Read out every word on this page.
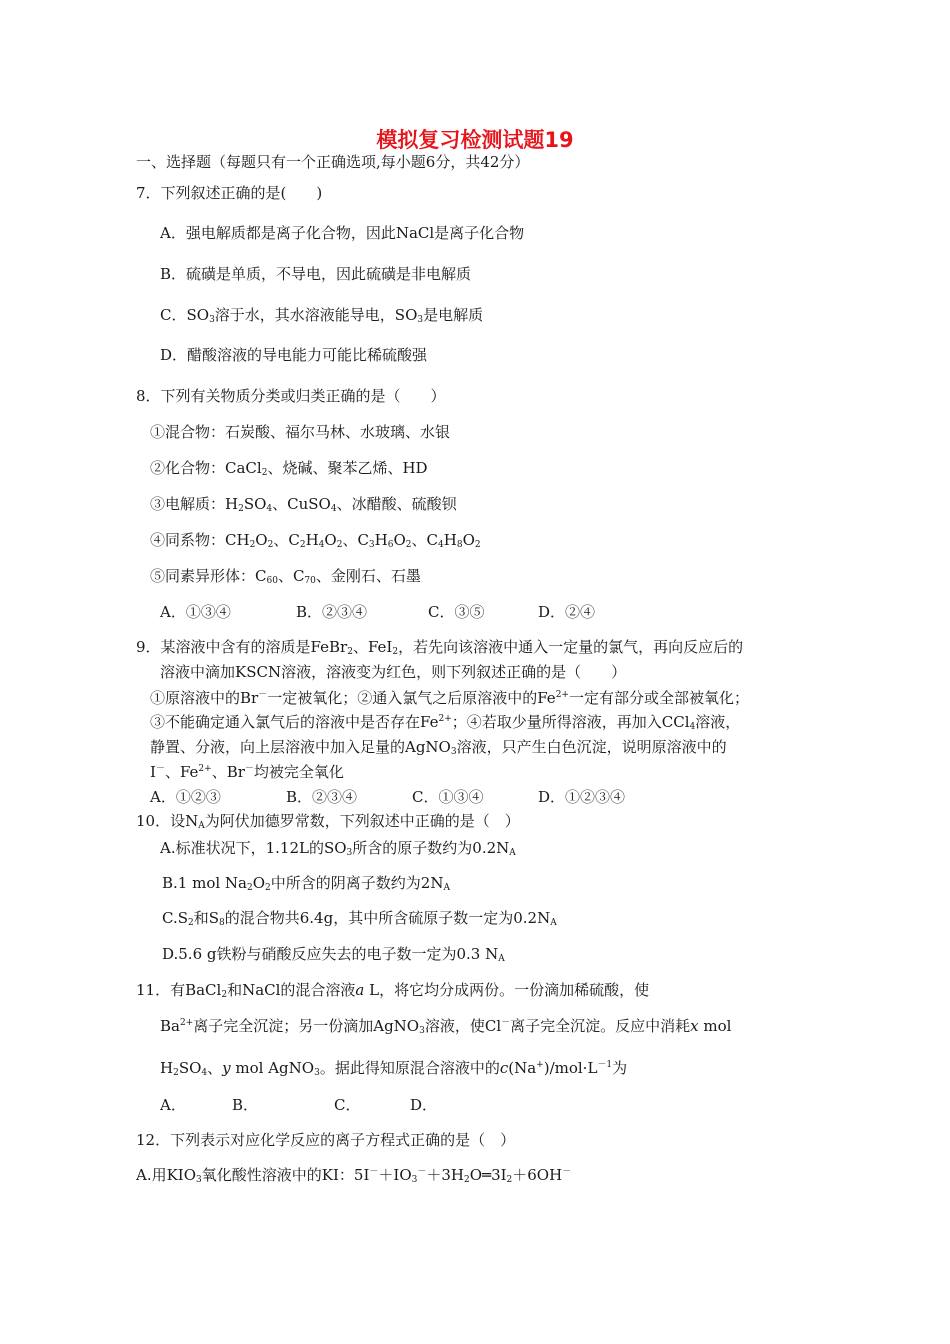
模拟复习检测试题19
一、选择题（每题只有一个正确选项,每小题6分，共42分）
7．下列叙述正确的是(　　)
A．强电解质都是离子化合物，因此NaCl是离子化合物
B．硫磺是单质，不导电，因此硫磺是非电解质
C．$SO_3$溶于水，其水溶液能导电，$SO_3$是电解质
D．醋酸溶液的导电能力可能比稀硫酸强
8．下列有关物质分类或归类正确的是（　　）
①混合物：石炭酸、福尔马林、水玻璃、水银
②化合物：CaCl$_2$、烧碱、聚苯乙烯、HD
③电解质：$H_2SO_4$、CuSO$_4$、冰醋酸、硫酸钡
④同系物：$CH_2O_2$、$C_2H_4O_2$、$C_3H_6O_2$、$C_4H_8O_2$
⑤同素异形体：$C_{60}$、$C_{70}$、金刚石、石墨
A．①③④	B．②③④	C．③⑤	D．②④
9．某溶液中含有的溶质是FeBr$_2$、FeI$_2$，若先向该溶液中通入一定量的氯气，再向反应后的
溶液中滴加KSCN溶液，溶液变为红色，则下列叙述正确的是（　　）
①原溶液中的Br－一定被氧化；②通入氯气之后原溶液中的$Fe^{2+}$一定有部分或全部被氧化；
③不能确定通入氯气后的溶液中是否存在$Fe^{2+}$；④若取少量所得溶液，再加入CCl$_4$溶液，
静置、分液，向上层溶液中加入足量的AgNO$_3$溶液，只产生白色沉淀，说明原溶液中的
I－、$Fe^{2+}$、Br－均被完全氧化
A．①②③	B．②③④	C．①③④	D．①②③④
10．设$N_A$为阿伏加德罗常数，下列叙述中正确的是（　）
A.标准状况下，1.12L的$SO_3$所含的原子数约为$0.2N_A$
B.1 mol $Na_2O_2$中所含的阴离子数约为$2N_A$
$C.S_2$和$S_8$的混合物共6.4g，其中所含硫原子数一定为$0.2N_A$
D.5.6 g铁粉与硝酸反应失去的电子数一定为0.3 $N_A$
11．有BaCl$_2$和NaCl的混合溶液a L，将它均分成两份。一份滴加稀硫酸，使
$Ba^{2+}$离子完全沉淀；另一份滴加AgNO$_3$溶液，使Cl－离子完全沉淀。反应中消耗x mol
$H_2SO_4$、y mol AgNO$_3$。据此得知原混合溶液中的$c(Na^+)/mol\cdot L^{-1}$为
A．	B．	C．	D．
12．下列表示对应化学反应的离子方程式正确的是（　）
A.用$KIO_3$氧化酸性溶液中的KI：$5I^-+IO_3^-+3H_2O═3I_2+6OH^-$
